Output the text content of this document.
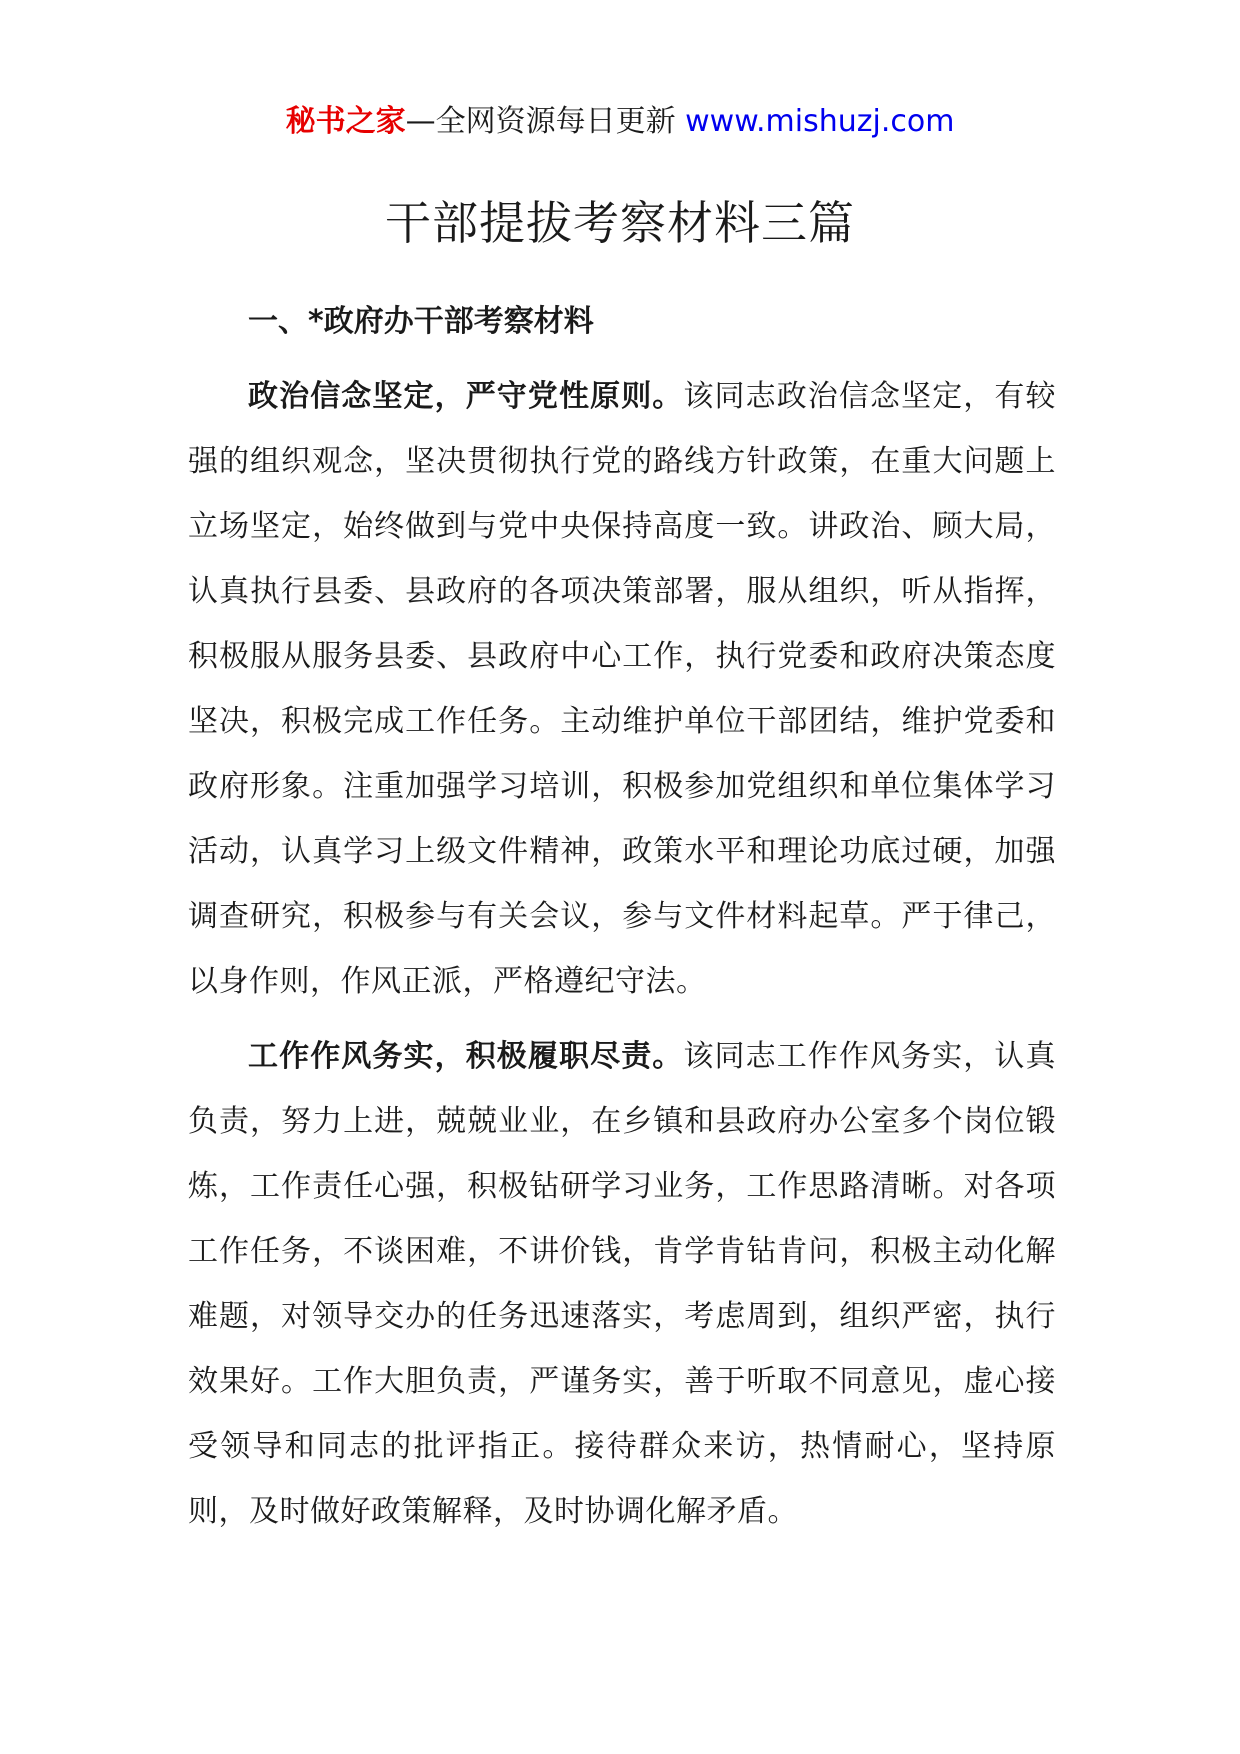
秘书之家—全网资源每日更新 www.mishuzj.com
干部提拔考察材料三篇
一、*政府办干部考察材料

政治信念坚定，严守党性原则。该同志政治信念坚定，有较强的组织观念，坚决贯彻执行党的路线方针政策，在重大问题上立场坚定，始终做到与党中央保持高度一致。讲政治、顾大局，认真执行县委、县政府的各项决策部署，服从组织，听从指挥，积极服从服务县委、县政府中心工作，执行党委和政府决策态度坚决，积极完成工作任务。主动维护单位干部团结，维护党委和政府形象。注重加强学习培训，积极参加党组织和单位集体学习活动，认真学习上级文件精神，政策水平和理论功底过硬，加强调查研究，积极参与有关会议，参与文件材料起草。严于律己，以身作则，作风正派，严格遵纪守法。

工作作风务实，积极履职尽责。该同志工作作风务实，认真负责，努力上进，兢兢业业，在乡镇和县政府办公室多个岗位锻炼，工作责任心强，积极钻研学习业务，工作思路清晰。对各项工作任务，不谈困难，不讲价钱，肯学肯钻肯问，积极主动化解难题，对领导交办的任务迅速落实，考虑周到，组织严密，执行效果好。工作大胆负责，严谨务实，善于听取不同意见，虚心接受领导和同志的批评指正。接待群众来访，热情耐心，坚持原则，及时做好政策解释，及时协调化解矛盾。
